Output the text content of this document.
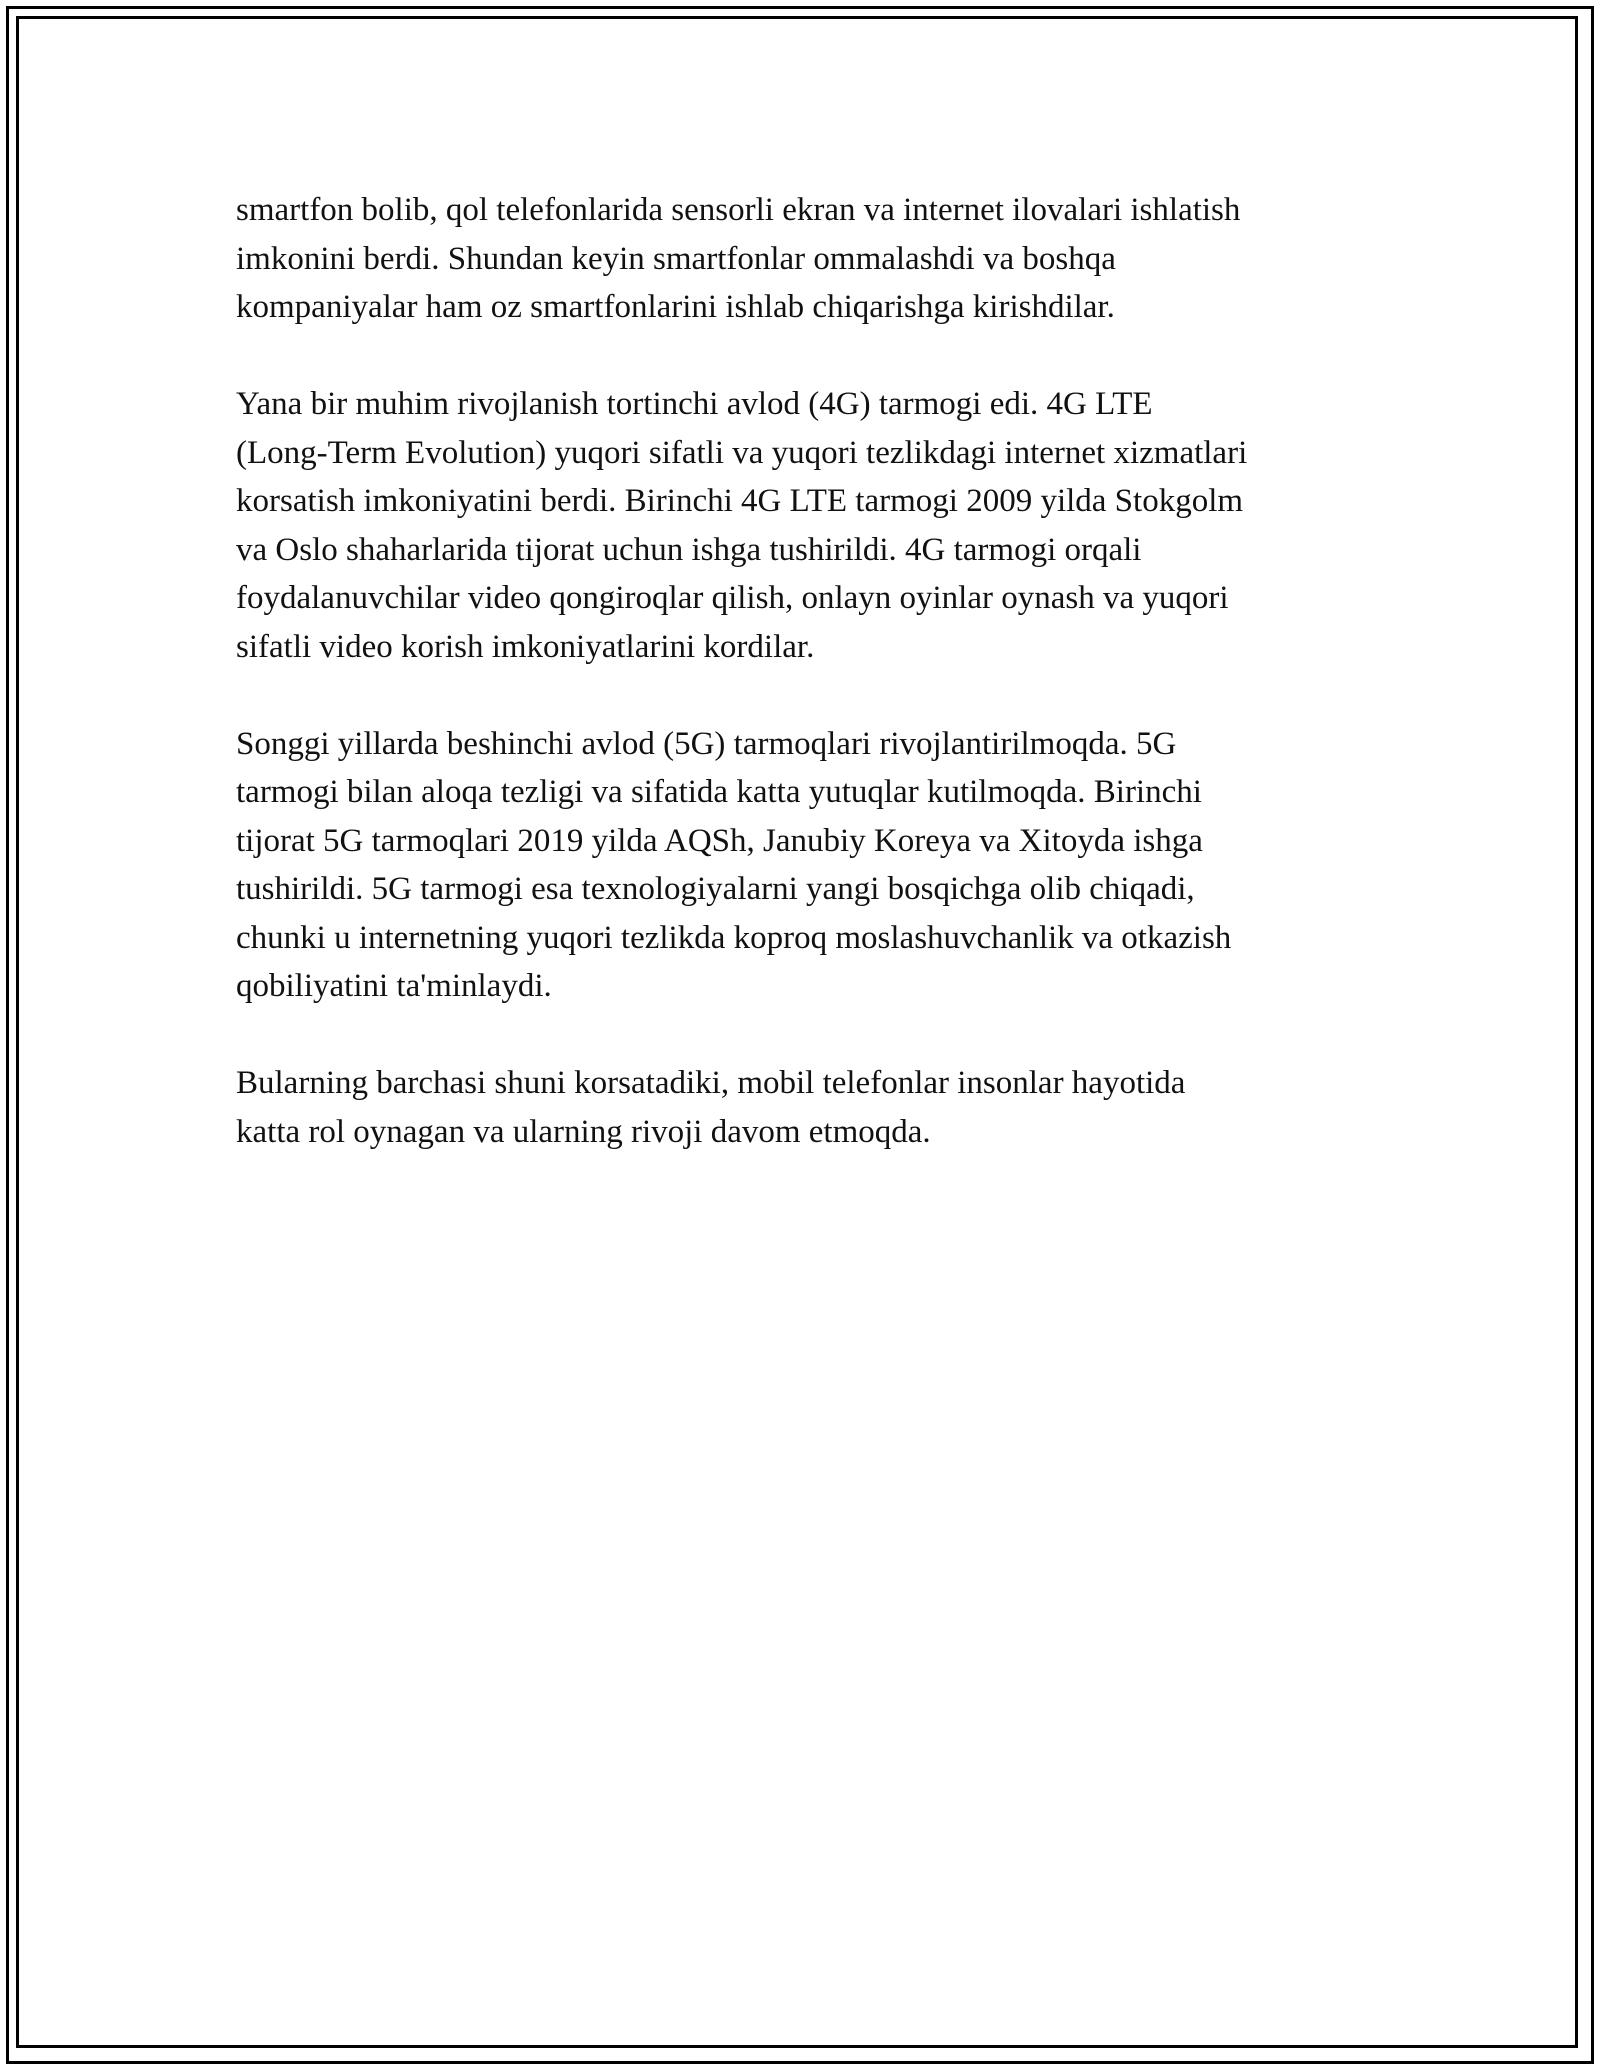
smartfon bolib, qol telefonlarida sensorli ekran va internet ilovalari ishlatish
imkonini berdi. Shundan keyin smartfonlar ommalashdi va boshqa
kompaniyalar ham oz smartfonlarini ishlab chiqarishga kirishdilar.

Yana bir muhim rivojlanish tortinchi avlod (4G) tarmogi edi. 4G LTE
(Long-Term Evolution) yuqori sifatli va yuqori tezlikdagi internet xizmatlari
korsatish imkoniyatini berdi. Birinchi 4G LTE tarmogi 2009 yilda Stokgolm
va Oslo shaharlarida tijorat uchun ishga tushirildi. 4G tarmogi orqali
foydalanuvchilar video qongiroqlar qilish, onlayn oyinlar oynash va yuqori
sifatli video korish imkoniyatlarini kordilar.

Songgi yillarda beshinchi avlod (5G) tarmoqlari rivojlantirilmoqda. 5G
tarmogi bilan aloqa tezligi va sifatida katta yutuqlar kutilmoqda. Birinchi
tijorat 5G tarmoqlari 2019 yilda AQSh, Janubiy Koreya va Xitoyda ishga
tushirildi. 5G tarmogi esa texnologiyalarni yangi bosqichga olib chiqadi,
chunki u internetning yuqori tezlikda koproq moslashuvchanlik va otkazish
qobiliyatini ta'minlaydi.

Bularning barchasi shuni korsatadiki, mobil telefonlar insonlar hayotida
katta rol oynagan va ularning rivoji davom etmoqda.
